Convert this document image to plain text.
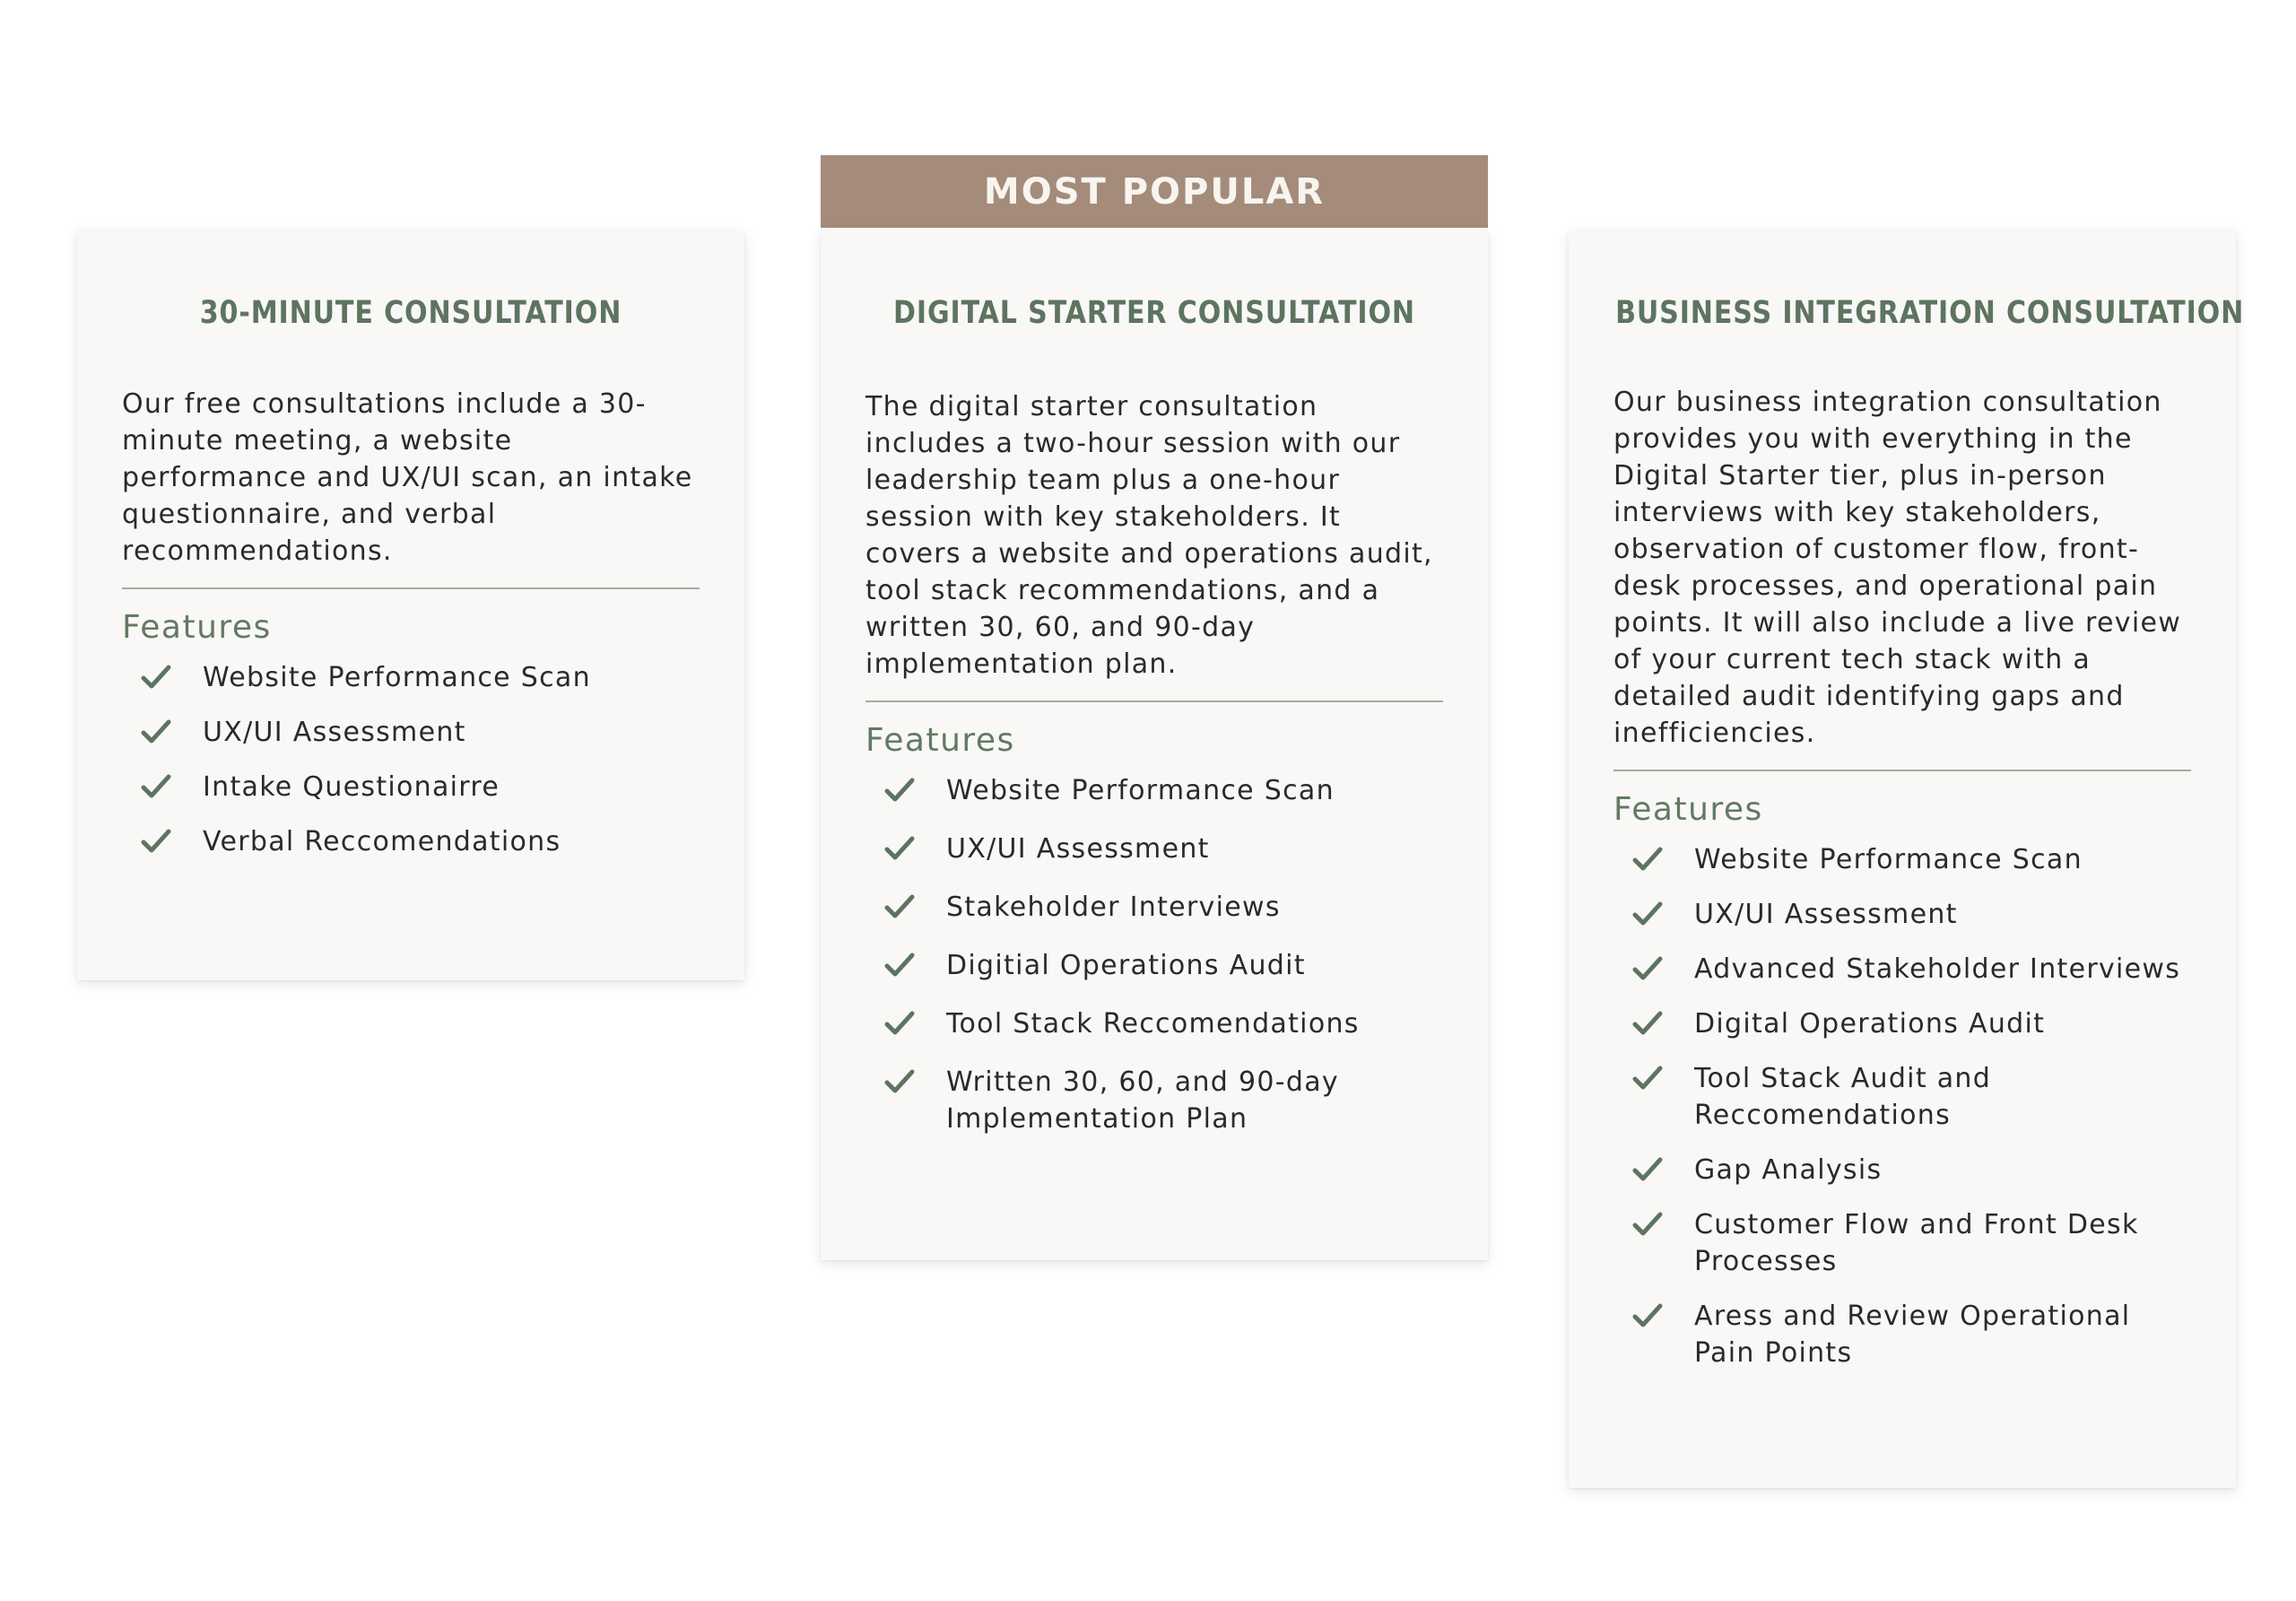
MOST POPULAR
30-MINUTE CONSULTATION

Our free consultations include a 30-minute meeting, a website performance and UX/UI scan, an intake questionnaire, and verbal recommendations.

Features
Website Performance Scan
UX/UI Assessment
Intake Questionairre
Verbal Reccomendations
DIGITAL STARTER CONSULTATION

The digital starter consultation includes a two-hour session with our leadership team plus a one-hour session with key stakeholders. It covers a website and operations audit, tool stack recommendations, and a written 30, 60, and 90-day implementation plan.

Features
Website Performance Scan
UX/UI Assessment
Stakeholder Interviews
Digitial Operations Audit
Tool Stack Reccomendations
Written 30, 60, and 90-day Implementation Plan
BUSINESS INTEGRATION CONSULTATION

Our business integration consultation provides you with everything in the Digital Starter tier, plus in-person interviews with key stakeholders, observation of customer flow, front-desk processes, and operational pain points. It will also include a live review of your current tech stack with a detailed audit identifying gaps and inefficiencies.

Features
Website Performance Scan
UX/UI Assessment
Advanced Stakeholder Interviews
Digital Operations Audit
Tool Stack Audit and Reccomendations
Gap Analysis
Customer Flow and Front Desk Processes
Aress and Review Operational Pain Points
